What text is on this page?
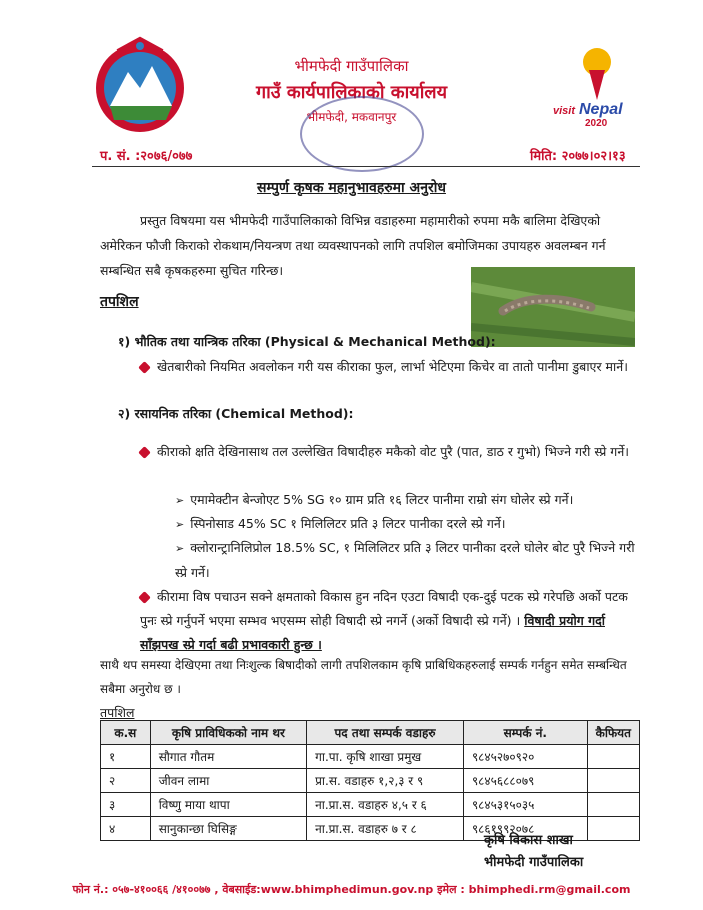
भीमफेदी गाउँपालिका
गाउँ कार्यपालिकाको कार्यालय
भीमफेदी, मकवानपुर	visit Nepal
2020
प. सं. :२०७६/०७७	मिति: २०७७।०२।१३
सम्पुर्ण कृषक महानुभावहरुमा अनुरोध
प्रस्तुत विषयमा यस भीमफेदी गाउँपालिकाको विभिन्न वडाहरुमा महामारीको रुपमा मकै बालिमा देखिएको अमेरिकन फौजी किराको रोकथाम/नियन्त्रण तथा व्यवस्थापनको लागि तपशिल बमोजिमका उपायहरु अवलम्बन गर्न सम्बन्धित सबै कृषकहरुमा सुचित गरिन्छ।
तपशिल
१) भौतिक तथा यान्त्रिक तरिका (Physical & Mechanical Method):
खेतबारीको नियमित अवलोकन गरी यस कीराका फुल, लार्भा भेटिएमा किचेर वा तातो पानीमा डुबाएर मार्ने।
२) रसायनिक तरिका (Chemical Method):
कीराको क्षति देखिनासाथ तल उल्लेखित विषादीहरु मकैको वोट पुरै (पात, डाठ र गुभो) भिज्ने गरी स्प्रे गर्ने।
➢ एमामेक्टीन बेन्जोएट 5% SG १० ग्राम प्रति १६ लिटर पानीमा राम्रो संग घोलेर स्प्रे गर्ने।
➢ स्पिनोसाड 45% SC १ मिलिलिटर प्रति ३ लिटर पानीका दरले स्प्रे गर्ने।
➢ क्लोरान्ट्रानिलिप्रोल 18.5% SC, १ मिलिलिटर प्रति ३ लिटर पानीका दरले घोलेर बोट पुरै भिज्ने गरी स्प्रे गर्ने।
कीरामा विष पचाउन सक्ने क्षमताको विकास हुन नदिन एउटा विषादी एक-दुई पटक स्प्रे गरेपछि अर्को पटक पुनः स्प्रे गर्नुपर्ने भएमा सम्भव भएसम्म सोही विषादी स्प्रे नगर्ने (अर्को विषादी स्प्रे गर्ने) । विषादी प्रयोग गर्दा साँझपख स्प्रे गर्दा बढी प्रभावकारी हुन्छ ।
साथै थप समस्या देखिएमा तथा निःशुल्क बिषादीको लागी तपशिलकाम कृषि प्राबिधिकहरुलाई सम्पर्क गर्नहुन समेत सम्बन्धित सबैमा अनुरोध छ ।
तपशिल
क.स	कृषि प्राविधिकको नाम थर	पद तथा सम्पर्क वडाहरु	सम्पर्क नं.	कैफियत
१	सौगात गौतम	गा.पा. कृषि शाखा प्रमुख	९८४५२७०९२०	
२	जीवन लामा	प्रा.स. वडाहरु १,२,३ र ९	९८४५६८८०७९	
३	विष्णु माया थापा	ना.प्रा.स. वडाहरु ४,५ र ६	९८४५३१५०३५	
४	सानुकान्छा घिसिङ्ग	ना.प्रा.स. वडाहरु ७ र ८	९८६१९९२०७८	
कृषि विकास शाखा
भीमफेदी गाउँपालिका
फोन नं.: ०५७-४१००६६ /४१००७७ , वेबसाईड:www.bhimphedimun.gov.np इमेल : bhimphedi.rm@gmail.com
